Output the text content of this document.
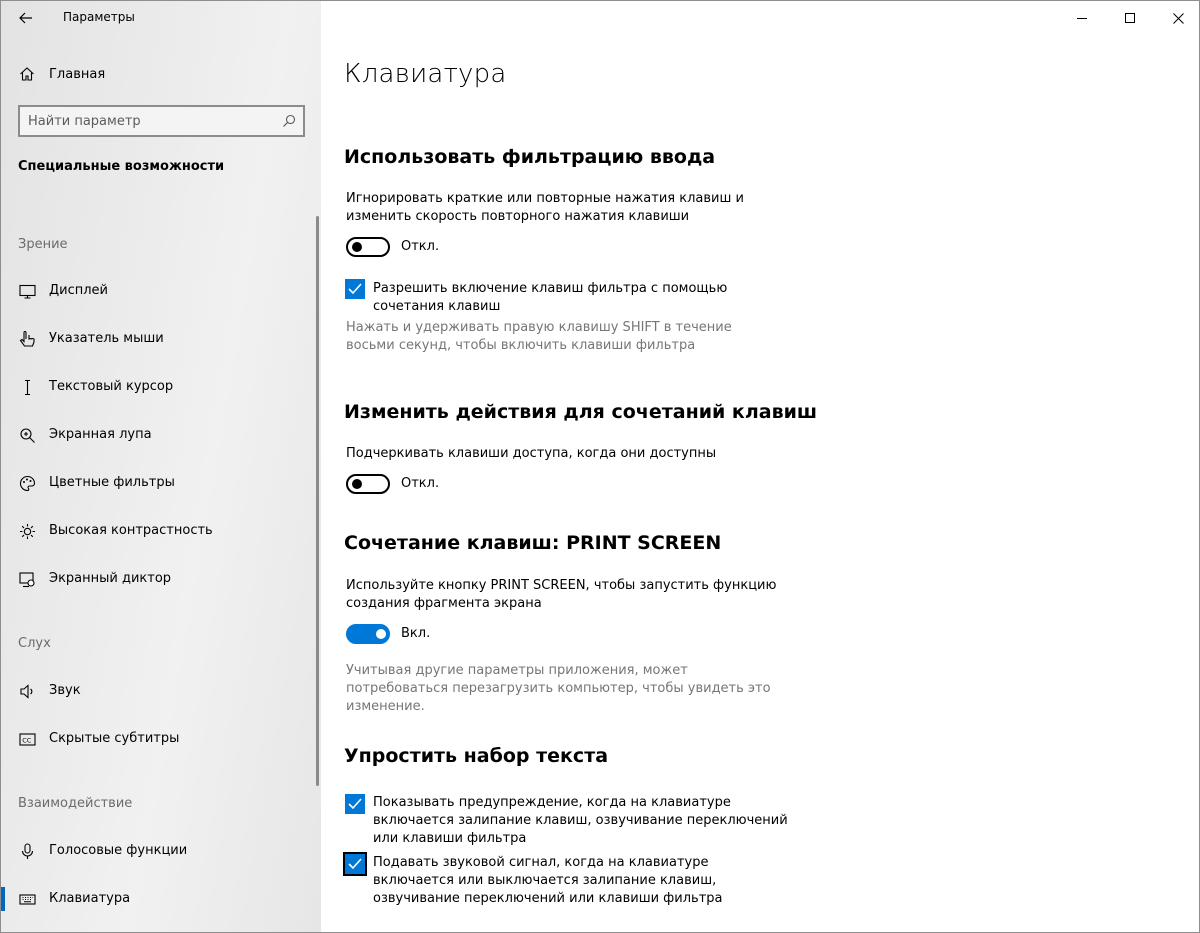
Параметры
Главная
Найти параметр
Специальные возможности
Зрение
Дисплей
Указатель мыши
Текстовый курсор
Экранная лупа
Цветные фильтры
Высокая контрастность
Экранный диктор
Слух
Звук
CC Скрытые субтитры
Взаимодействие
Голосовые функции
Клавиатура
Клавиатура
Использовать фильтрацию ввода
Игнорировать краткие или повторные нажатия клавиш и изменить скорость повторного нажатия клавиши
Откл.
Разрешить включение клавиш фильтра с помощью сочетания клавиш
Нажать и удерживать правую клавишу SHIFT в течение восьми секунд, чтобы включить клавиши фильтра
Изменить действия для сочетаний клавиш
Подчеркивать клавиши доступа, когда они доступны
Откл.
Сочетание клавиш: PRINT SCREEN
Используйте кнопку PRINT SCREEN, чтобы запустить функцию создания фрагмента экрана
Вкл.
Учитывая другие параметры приложения, может потребоваться перезагрузить компьютер, чтобы увидеть это изменение.
Упростить набор текста
Показывать предупреждение, когда на клавиатуре включается залипание клавиш, озвучивание переключений или клавиши фильтра
Подавать звуковой сигнал, когда на клавиатуре включается или выключается залипание клавиш, озвучивание переключений или клавиши фильтра
